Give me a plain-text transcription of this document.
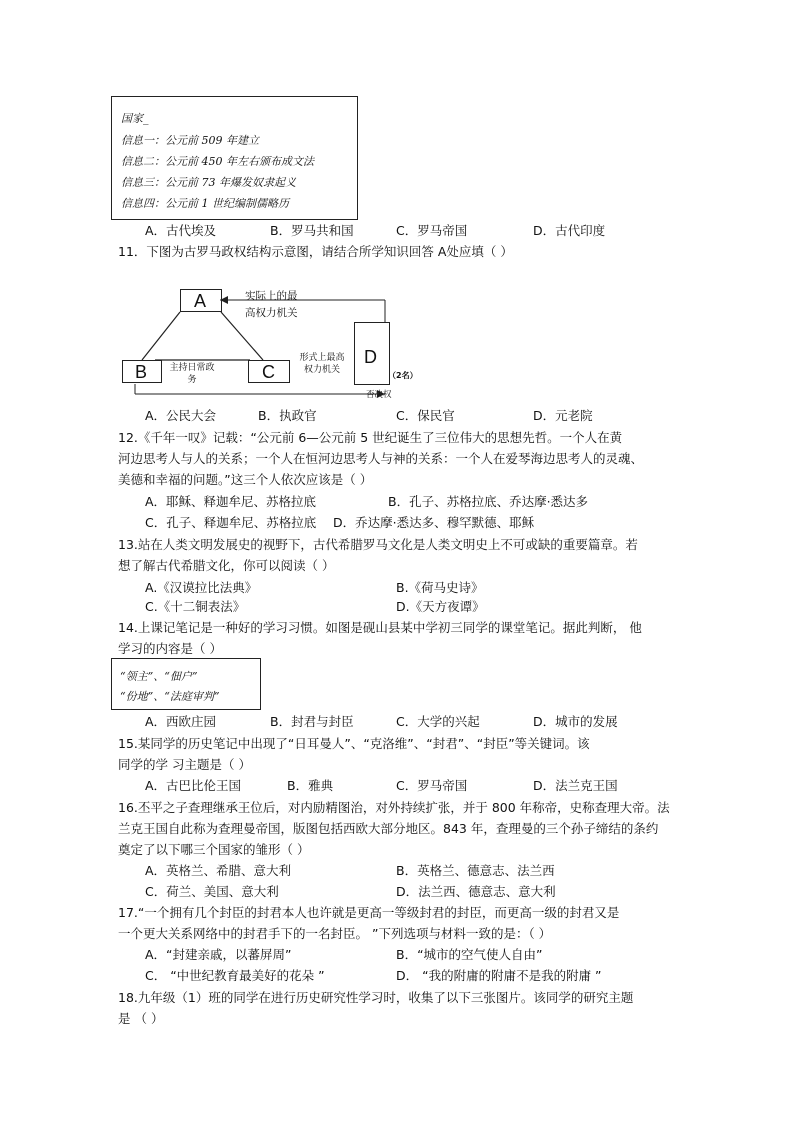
国家_
信息一：公元前 509 年建立
信息二：公元前 450 年左右颁布成文法
信息三：公元前 73 年爆发奴隶起义
信息四：公元前 1 世纪编制儒略历
A．古代埃及	B．罗马共和国	C．罗马帝国	D．古代印度
11．下图为古罗马政权结构示意图，请结合所学知识回答 A处应填（ ）
A
B	C
D
实际上的最
高权力机关
主持日常政务
形式上最高权力机关
（2名）
否决权
A．公民大会	B．执政官	C．保民官	D．元老院
12.《千年一叹》记载：“公元前 6—公元前 5 世纪诞生了三位伟大的思想先哲。一个人在黄
河边思考人与人的关系；一个人在恒河边思考人与神的关系：一个人在爱琴海边思考人的灵魂、
美德和幸福的问题。”这三个人依次应该是（ ）
A．耶稣、释迦牟尼、苏格拉底	B．孔子、苏格拉底、乔达摩·悉达多
C．孔子、释迦牟尼、苏格拉底 D．乔达摩·悉达多、穆罕默德、耶稣
13.站在人类文明发展史的视野下，古代希腊罗马文化是人类文明史上不可或缺的重要篇章。若
想了解古代希腊文化，你可以阅读（ ）
A.《汉谟拉比法典》	B.《荷马史诗》
C.《十二铜表法》	D.《天方夜谭》
14.上课记笔记是一种好的学习习惯。如图是砚山县某中学初三同学的课堂笔记。据此判断， 他
学习的内容是（ ）
“领主”、“佃户”
“份地”、“法庭审判”
A．西欧庄园	B．封君与封臣	C．大学的兴起	D．城市的发展
15.某同学的历史笔记中出现了“日耳曼人”、“克洛维”、“封君”、“封臣”等关键词。该
同学的学 习主题是（ ）
A．古巴比伦王国	B．雅典	C．罗马帝国	D．法兰克王国
16.丕平之子查理继承王位后，对内励精图治，对外持续扩张，并于 800 年称帝，史称查理大帝。法
兰克王国自此称为查理曼帝国，版图包括西欧大部分地区。843 年，查理曼的三个孙子缔结的条约
奠定了以下哪三个国家的雏形（ ）
A．英格兰、希腊、意大利	B．英格兰、德意志、法兰西
C．荷兰、美国、意大利	D．法兰西、德意志、意大利
17.“一个拥有几个封臣的封君本人也许就是更高一等级封君的封臣，而更高一级的封君又是
一个更大关系网络中的封君手下的一名封臣。 ”下列选项与材料一致的是：（ ）
A．“封建亲戚，以蕃屏周”	B．“城市的空气使人自由”
C． “中世纪教育最美好的花朵 ”	D． “我的附庸的附庸不是我的附庸 ”
18.九年级（1）班的同学在进行历史研究性学习时，收集了以下三张图片。该同学的研究主题
是 （ ）
